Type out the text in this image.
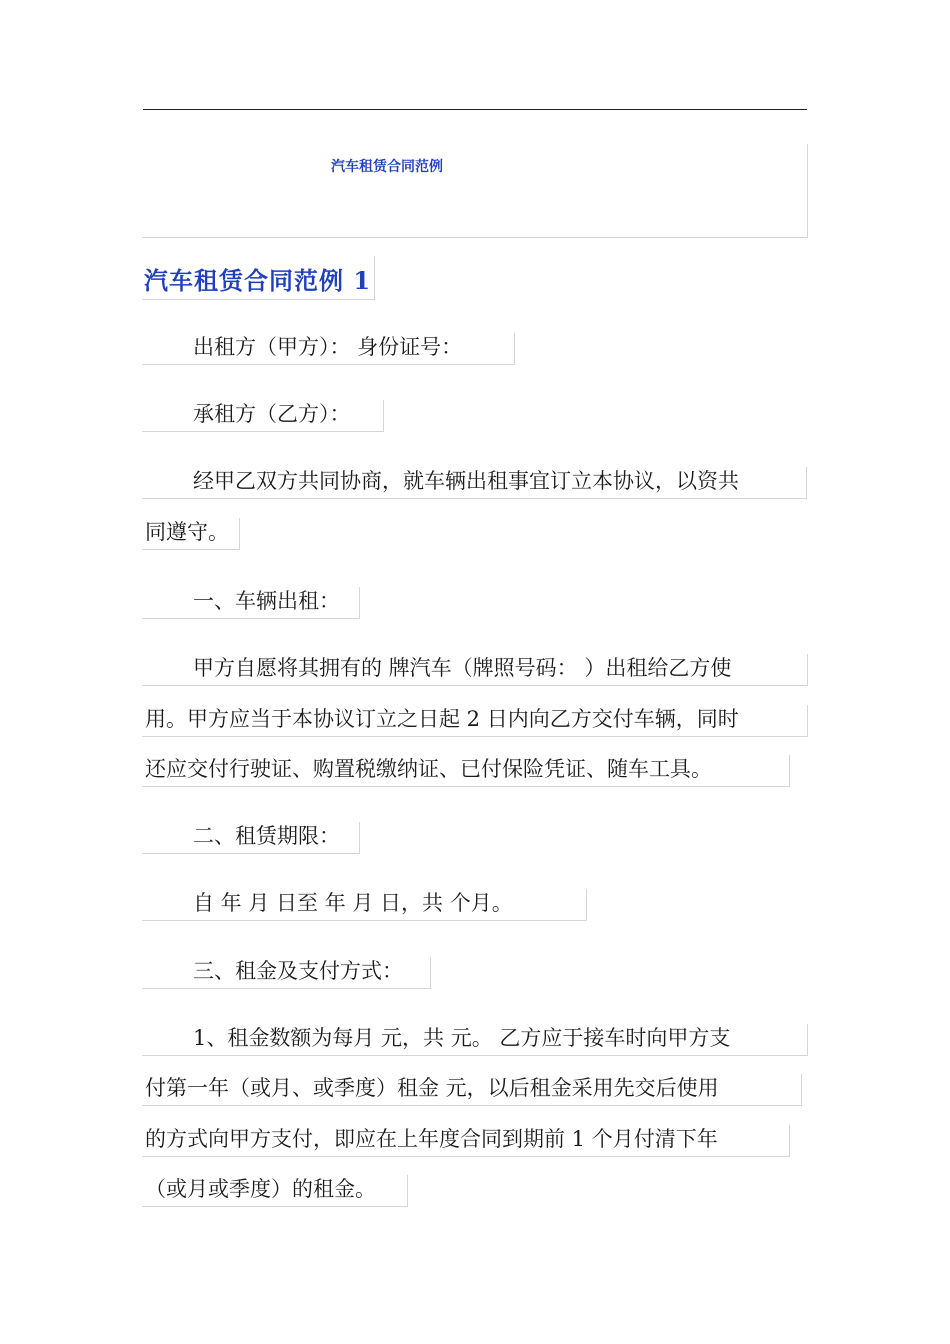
汽车租赁合同范例
汽车租赁合同范例 1
出租方（甲方）： 身份证号：
承租方（乙方）：
经甲乙双方共同协商，就车辆出租事宜订立本协议，以资共
同遵守。
一、车辆出租：
甲方自愿将其拥有的 牌汽车（牌照号码： ）出租给乙方使
用。甲方应当于本协议订立之日起 2 日内向乙方交付车辆，同时
还应交付行驶证、购置税缴纳证、已付保险凭证、随车工具。
二、租赁期限：
自 年 月 日至 年 月 日，共 个月。
三、租金及支付方式：
1、租金数额为每月 元，共 元。 乙方应于接车时向甲方支
付第一年（或月、或季度）租金 元，以后租金采用先交后使用
的方式向甲方支付，即应在上年度合同到期前 1 个月付清下年
（或月或季度）的租金。
